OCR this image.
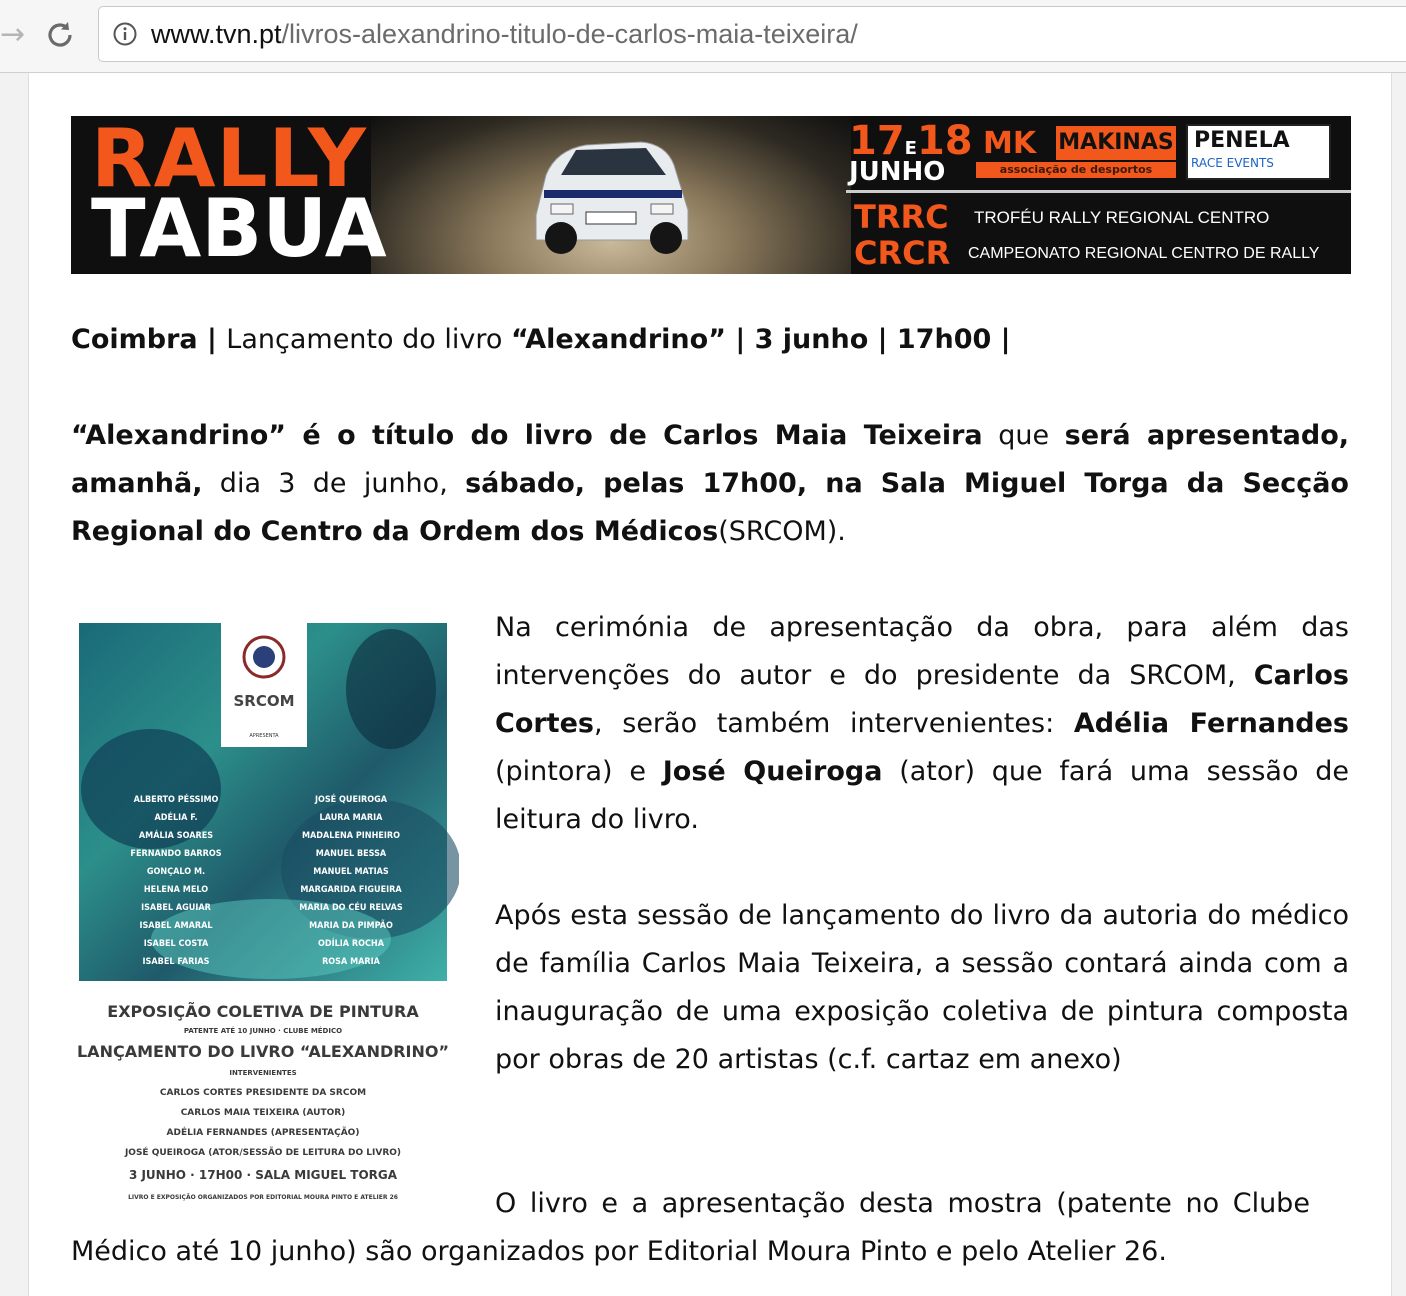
→	www.tvn.pt/livros-alexandrino-titulo-de-carlos-maia-teixeira/
RALLY
TABUA
17E18
JUNHO
MK MAKINAS
associação de desportos
PENELA
RACE EVENTS
TRRC
CRCR
TROFÉU RALLY REGIONAL CENTRO
CAMPEONATO REGIONAL CENTRO DE RALLY
Coimbra | Lançamento do livro “Alexandrino” | 3 junho | 17h00 |
“Alexandrino” é o título do livro de Carlos Maia Teixeira que será apresentado, amanhã, dia 3 de junho, sábado, pelas 17h00, na Sala Miguel Torga da Secção Regional do Centro da Ordem dos Médicos(SRCOM).
SRCOM
APRESENTA
ALBERTO PÉSSIMO
ADÉLIA F.
AMÁLIA SOARES
FERNANDO BARROS
GONÇALO M.
HELENA MELO
ISABEL AGUIAR
ISABEL AMARAL
ISABEL COSTA
ISABEL FARIAS
JOSÉ QUEIROGA
LAURA MARIA
MADALENA PINHEIRO
MANUEL BESSA
MANUEL MATIAS
MARGARIDA FIGUEIRA
MARIA DO CÉU RELVAS
MARIA DA PIMPÃO
ODÍLIA ROCHA
ROSA MARIA
EXPOSIÇÃO COLETIVA DE PINTURA
PATENTE ATÉ 10 JUNHO · CLUBE MÉDICO
LANÇAMENTO DO LIVRO “ALEXANDRINO”
INTERVENIENTES
CARLOS CORTES PRESIDENTE DA SRCOM
CARLOS MAIA TEIXEIRA (AUTOR)
ADÉLIA FERNANDES (APRESENTAÇÃO)
JOSÉ QUEIROGA (ATOR/SESSÃO DE LEITURA DO LIVRO)
3 JUNHO · 17H00 · SALA MIGUEL TORGA
LIVRO E EXPOSIÇÃO ORGANIZADOS POR EDITORIAL MOURA PINTO E ATELIER 26
Na cerimónia de apresentação da obra, para além das intervenções do autor e do presidente da SRCOM, Carlos Cortes, serão também intervenientes: Adélia Fernandes (pintora) e José Queiroga (ator) que fará uma sessão de leitura do livro.
Após esta sessão de lançamento do livro da autoria do médico de família Carlos Maia Teixeira, a sessão contará ainda com a inauguração de uma exposição coletiva de pintura composta por obras de 20 artistas (c.f. cartaz em anexo)
O livro e a apresentação desta mostra (patente no Clube
Médico até 10 junho) são organizados por Editorial Moura Pinto e pelo Atelier 26.
